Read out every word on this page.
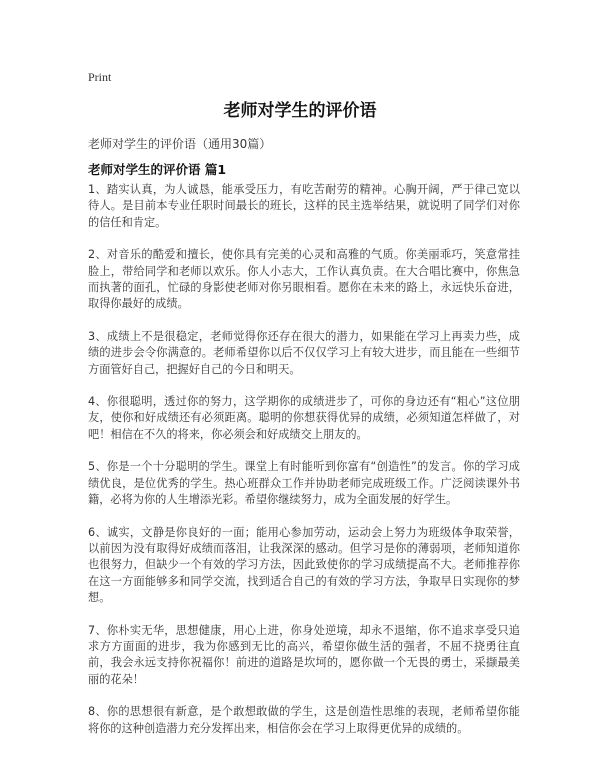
Print
老师对学生的评价语
老师对学生的评价语（通用30篇）
老师对学生的评价语 篇1

1、踏实认真，为人诚恳，能承受压力，有吃苦耐劳的精神。心胸开阔，严于律己宽以待人。是目前本专业任职时间最长的班长，这样的民主选举结果，就说明了同学们对你的信任和肯定。

2、对音乐的酷爱和擅长，使你具有完美的心灵和高雅的气质。你美丽乖巧，笑意常挂脸上，带给同学和老师以欢乐。你人小志大，工作认真负责。在大合唱比赛中，你焦急而执著的面孔，忙碌的身影使老师对你另眼相看。愿你在未来的路上，永远快乐奋进，取得你最好的成绩。

3、成绩上不是很稳定，老师觉得你还存在很大的潜力，如果能在学习上再卖力些，成绩的进步会令你满意的。老师希望你以后不仅仅学习上有较大进步，而且能在一些细节方面管好自己，把握好自己的今日和明天。

4、你很聪明，透过你的努力，这学期你的成绩进步了，可你的身边还有“粗心”这位朋友，使你和好成绩还有必须距离。聪明的你想获得优异的成绩，必须知道怎样做了，对吧！相信在不久的将来，你必须会和好成绩交上朋友的。

5、你是一个十分聪明的学生。课堂上有时能听到你富有“创造性”的发言。你的学习成绩优良，是位优秀的学生。热心班群众工作并协助老师完成班级工作。广泛阅读课外书籍，必将为你的人生增添光彩。希望你继续努力，成为全面发展的好学生。

6、诚实，文静是你良好的一面；能用心参加劳动，运动会上努力为班级体争取荣誉，以前因为没有取得好成绩而落泪，让我深深的感动。但学习是你的薄弱项，老师知道你也很努力，但缺少一个有效的学习方法，因此致使你的学习成绩提高不大。老师推荐你在这一方面能够多和同学交流，找到适合自己的有效的学习方法，争取早日实现你的梦想。

7、你朴实无华，思想健康，用心上进，你身处逆境，却永不退缩，你不追求享受只追求方方面面的进步，我为你感到无比的高兴，希望你做生活的强者，不屈不挠勇往直前，我会永远支持你祝福你！前进的道路是坎坷的，愿你做一个无畏的勇士，采撷最美丽的花朵！

8、你的思想很有新意，是个敢想敢做的学生，这是创造性思维的表现，老师希望你能将你的这种创造潜力充分发挥出来，相信你会在学习上取得更优异的成绩的。
